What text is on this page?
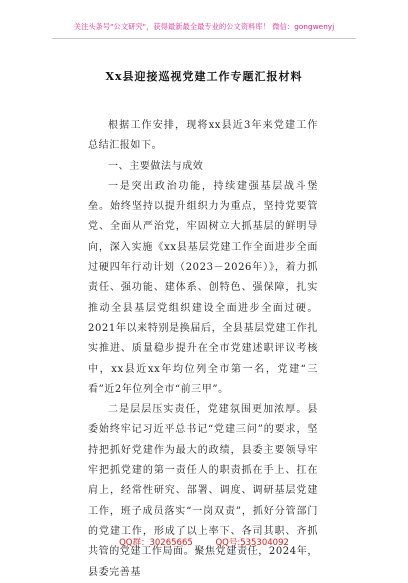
关注头条号"公文研究"，获得最新最全最专业的公文资料库！ 微信：gongwenyj
Xx县迎接巡视党建工作专题汇报材料

根据工作安排，现将xx县近3年来党建工作总结汇报如下。

一、主要做法与成效

一是突出政治功能，持续建强基层战斗堡垒。始终坚持以提升组织力为重点，坚持党要管党、全面从严治党，牢固树立大抓基层的鲜明导向，深入实施《xx县基层党建工作全面进步全面过硬四年行动计划（2023－2026年）》，着力抓责任、强功能、建体系、创特色、强保障，扎实推动全县基层党组织建设全面进步全面过硬。2021年以来特别是换届后，全县基层党建工作扎实推进、质量稳步提升在全市党建述职评议考核中，xx县近xx年均位列全市第一名，党建“三看”近2年位列全市“前三甲”。

二是层层压实责任，党建氛围更加浓厚。县委始终牢记习近平总书记“党建三问”的要求，坚持把抓好党建作为最大的政绩，县委主要领导牢牢把抓党建的第一责任人的职责抓在手上、扛在肩上，经常性研究、部署、调度、调研基层党建工作，班子成员落实“一岗双责”，抓好分管部门的党建工作，形成了以上率下、各司其职、齐抓共管的党建工作局面。聚焦党建责任，2024年，县委完善基

QQ群：30265665	QQ号:535304092
